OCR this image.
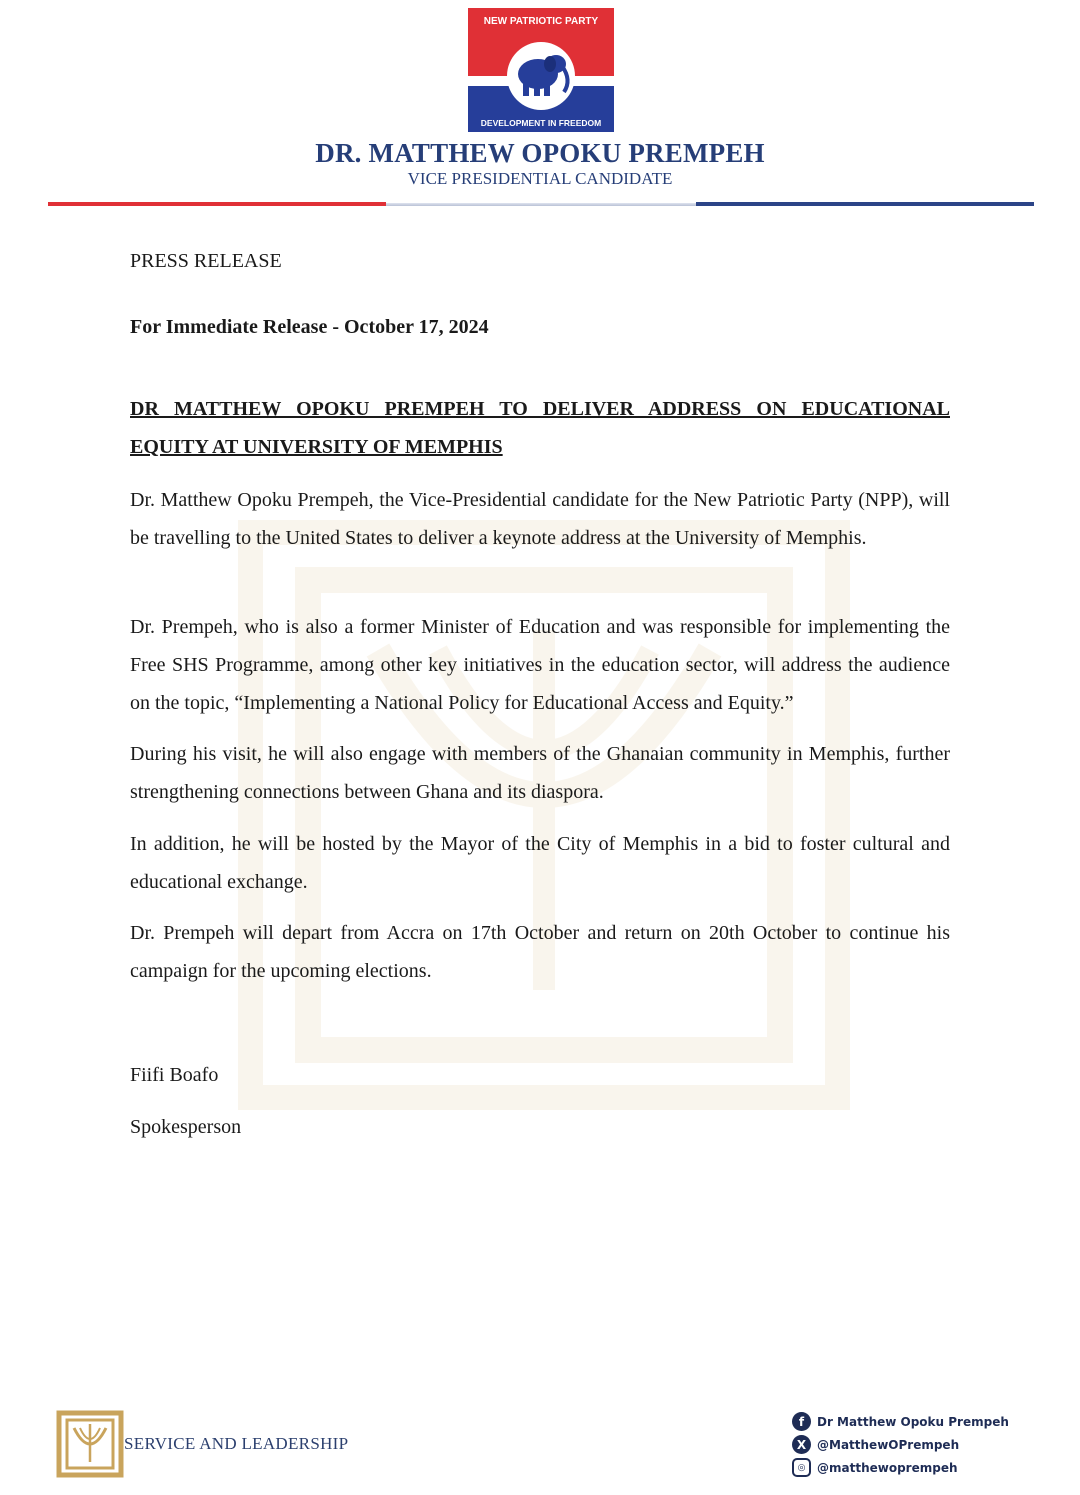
NEW PATRIOTIC PARTY
DEVELOPMENT IN FREEDOM
DR. MATTHEW OPOKU PREMPEH
VICE PRESIDENTIAL CANDIDATE
PRESS RELEASE
For Immediate Release - October 17, 2024
DR MATTHEW OPOKU PREMPEH TO DELIVER ADDRESS ON EDUCATIONAL EQUITY AT UNIVERSITY OF MEMPHIS
Dr. Matthew Opoku Prempeh, the Vice-Presidential candidate for the New Patriotic Party (NPP), will be travelling to the United States to deliver a keynote address at the University of Memphis.
Dr. Prempeh, who is also a former Minister of Education and was responsible for implementing the Free SHS Programme, among other key initiatives in the education sector, will address the audience on the topic, “Implementing a National Policy for Educational Access and Equity.”
During his visit, he will also engage with members of the Ghanaian community in Memphis, further strengthening connections between Ghana and its diaspora.
In addition, he will be hosted by the Mayor of the City of Memphis in a bid to foster cultural and educational exchange.
Dr. Prempeh will depart from Accra on 17th October and return on 20th October to continue his campaign for the upcoming elections.
Fiifi Boafo
Spokesperson
SERVICE AND LEADERSHIP
f	Dr Matthew Opoku Prempeh
X @MatthewOPrempeh
◎ @matthewoprempeh
